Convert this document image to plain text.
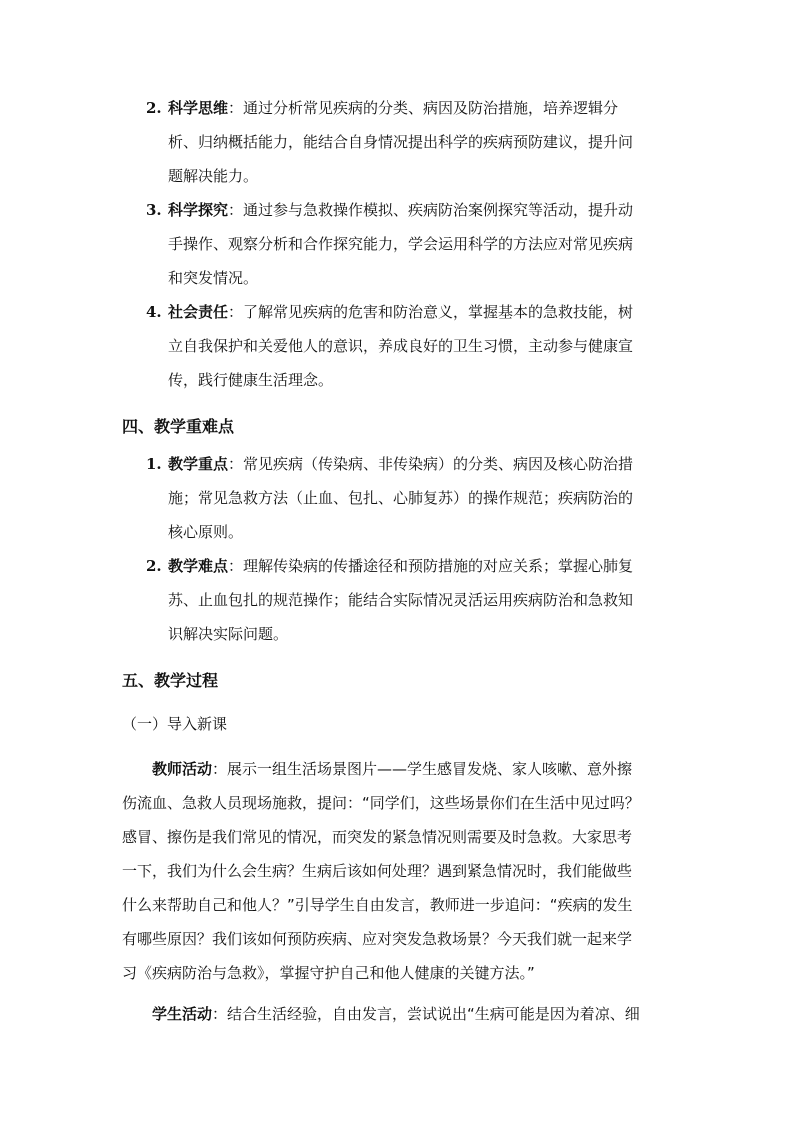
2. 科学思维：通过分析常见疾病的分类、病因及防治措施，培养逻辑分
析、归纳概括能力，能结合自身情况提出科学的疾病预防建议，提升问
题解决能力。
3. 科学探究：通过参与急救操作模拟、疾病防治案例探究等活动，提升动
手操作、观察分析和合作探究能力，学会运用科学的方法应对常见疾病
和突发情况。
4. 社会责任：了解常见疾病的危害和防治意义，掌握基本的急救技能，树
立自我保护和关爱他人的意识，养成良好的卫生习惯，主动参与健康宣
传，践行健康生活理念。
四、教学重难点
1. 教学重点：常见疾病（传染病、非传染病）的分类、病因及核心防治措
施；常见急救方法（止血、包扎、心肺复苏）的操作规范；疾病防治的
核心原则。
2. 教学难点：理解传染病的传播途径和预防措施的对应关系；掌握心肺复
苏、止血包扎的规范操作；能结合实际情况灵活运用疾病防治和急救知
识解决实际问题。
五、教学过程
（一）导入新课
教师活动：展示一组生活场景图片——学生感冒发烧、家人咳嗽、意外擦
伤流血、急救人员现场施救，提问：“同学们，这些场景你们在生活中见过吗？
感冒、擦伤是我们常见的情况，而突发的紧急情况则需要及时急救。大家思考
一下，我们为什么会生病？生病后该如何处理？遇到紧急情况时，我们能做些
什么来帮助自己和他人？”引导学生自由发言，教师进一步追问：“疾病的发生
有哪些原因？我们该如何预防疾病、应对突发急救场景？今天我们就一起来学
习《疾病防治与急救》，掌握守护自己和他人健康的关键方法。”
学生活动：结合生活经验，自由发言，尝试说出“生病可能是因为着凉、细
